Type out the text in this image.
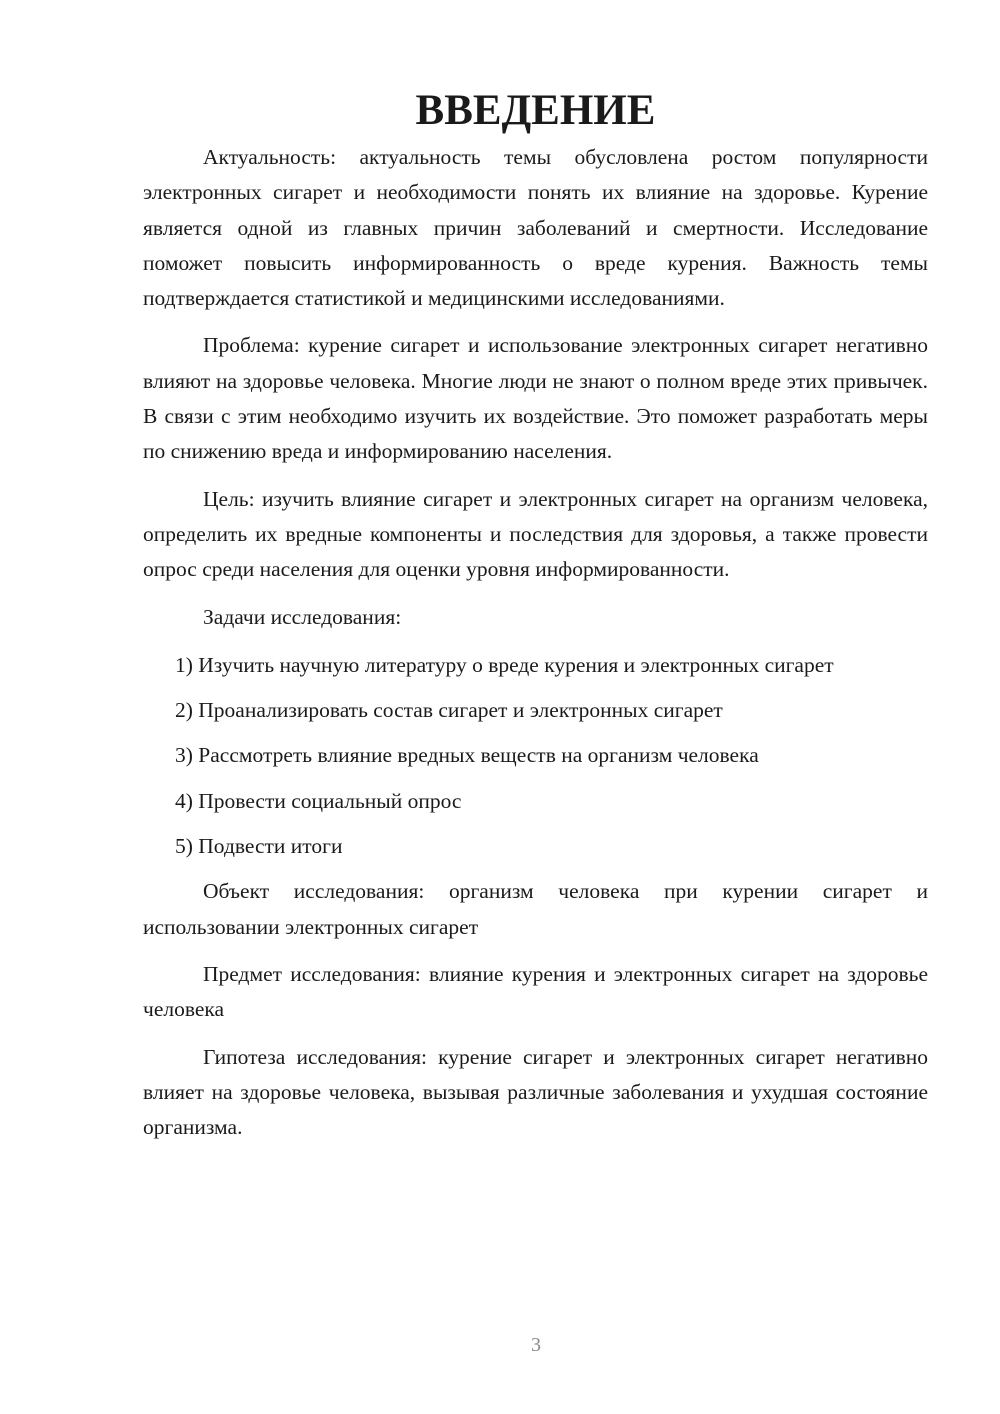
ВВЕДЕНИЕ

Актуальность: актуальность темы обусловлена ростом популярности электронных сигарет и необходимости понять их влияние на здоровье. Курение является одной из главных причин заболеваний и смертности. Исследование поможет повысить информированность о вреде курения. Важность темы подтверждается статистикой и медицинскими исследованиями.

Проблема: курение сигарет и использование электронных сигарет негативно влияют на здоровье человека. Многие люди не знают о полном вреде этих привычек. В связи с этим необходимо изучить их воздействие. Это поможет разработать меры по снижению вреда и информированию населения.

Цель: изучить влияние сигарет и электронных сигарет на организм человека, определить их вредные компоненты и последствия для здоровья, а также провести опрос среди населения для оценки уровня информированности.

Задачи исследования:

1) Изучить научную литературу о вреде курения и электронных сигарет

2) Проанализировать состав сигарет и электронных сигарет

3) Рассмотреть влияние вредных веществ на организм человека

4) Провести социальный опрос

5) Подвести итоги

Объект исследования: организм человека при курении сигарет и использовании электронных сигарет

Предмет исследования: влияние курения и электронных сигарет на здоровье человека

Гипотеза исследования: курение сигарет и электронных сигарет негативно влияет на здоровье человека, вызывая различные заболевания и ухудшая состояние организма.

3
